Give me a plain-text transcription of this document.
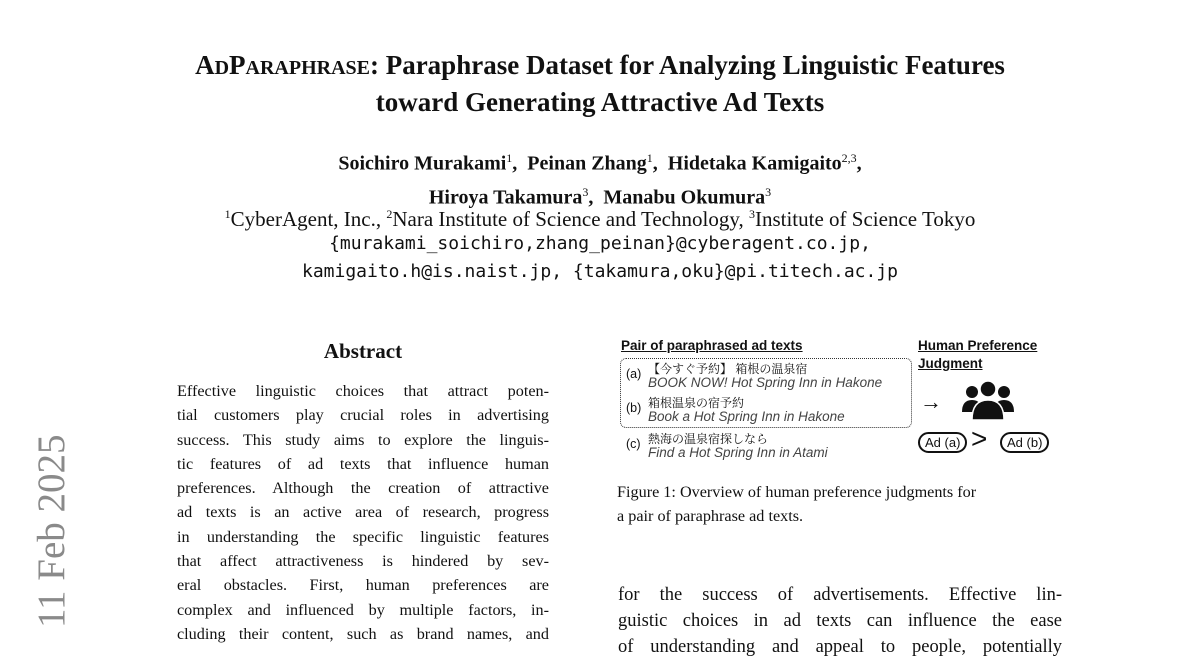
ADPARAPHRASE: Paraphrase Dataset for Analyzing Linguistic Features
toward Generating Attractive Ad Texts
Soichiro Murakami$^1$,  Peinan Zhang$^1$,  Hidetaka Kamigaito$^{2,3}$,
Hiroya Takamura$^3$,  Manabu Okumura$^3$
$^1$CyberAgent, Inc., $^2$Nara Institute of Science and Technology, $^3$Institute of Science Tokyo
{murakami_soichiro,zhang_peinan}@cyberagent.co.jp,
kamigaito.h@is.naist.jp, {takamura,oku}@pi.titech.ac.jp
11 Feb 2025
Abstract
Effective linguistic choices that attract poten-
tial customers play crucial roles in advertising
success. This study aims to explore the linguis-
tic features of ad texts that influence human
preferences. Although the creation of attractive
ad texts is an active area of research, progress
in understanding the specific linguistic features
that affect attractiveness is hindered by sev-
eral obstacles. First, human preferences are
complex and influenced by multiple factors, in-
cluding their content, such as brand names, and
Pair of paraphrased ad texts	Human Preference
Judgment
(a) 【今すぐ予約】 箱根の温泉宿
BOOK NOW! Hot Spring Inn in Hakone
(b) 箱根温泉の宿予約
Book a Hot Spring Inn in Hakone
(c) 熱海の温泉宿探しなら
Find a Hot Spring Inn in Atami
→
Ad (a) >	Ad (b)
Figure 1: Overview of human preference judgments for
a pair of paraphrase ad texts.
for the success of advertisements. Effective lin-
guistic choices in ad texts can influence the ease
of understanding and appeal to people, potentially
